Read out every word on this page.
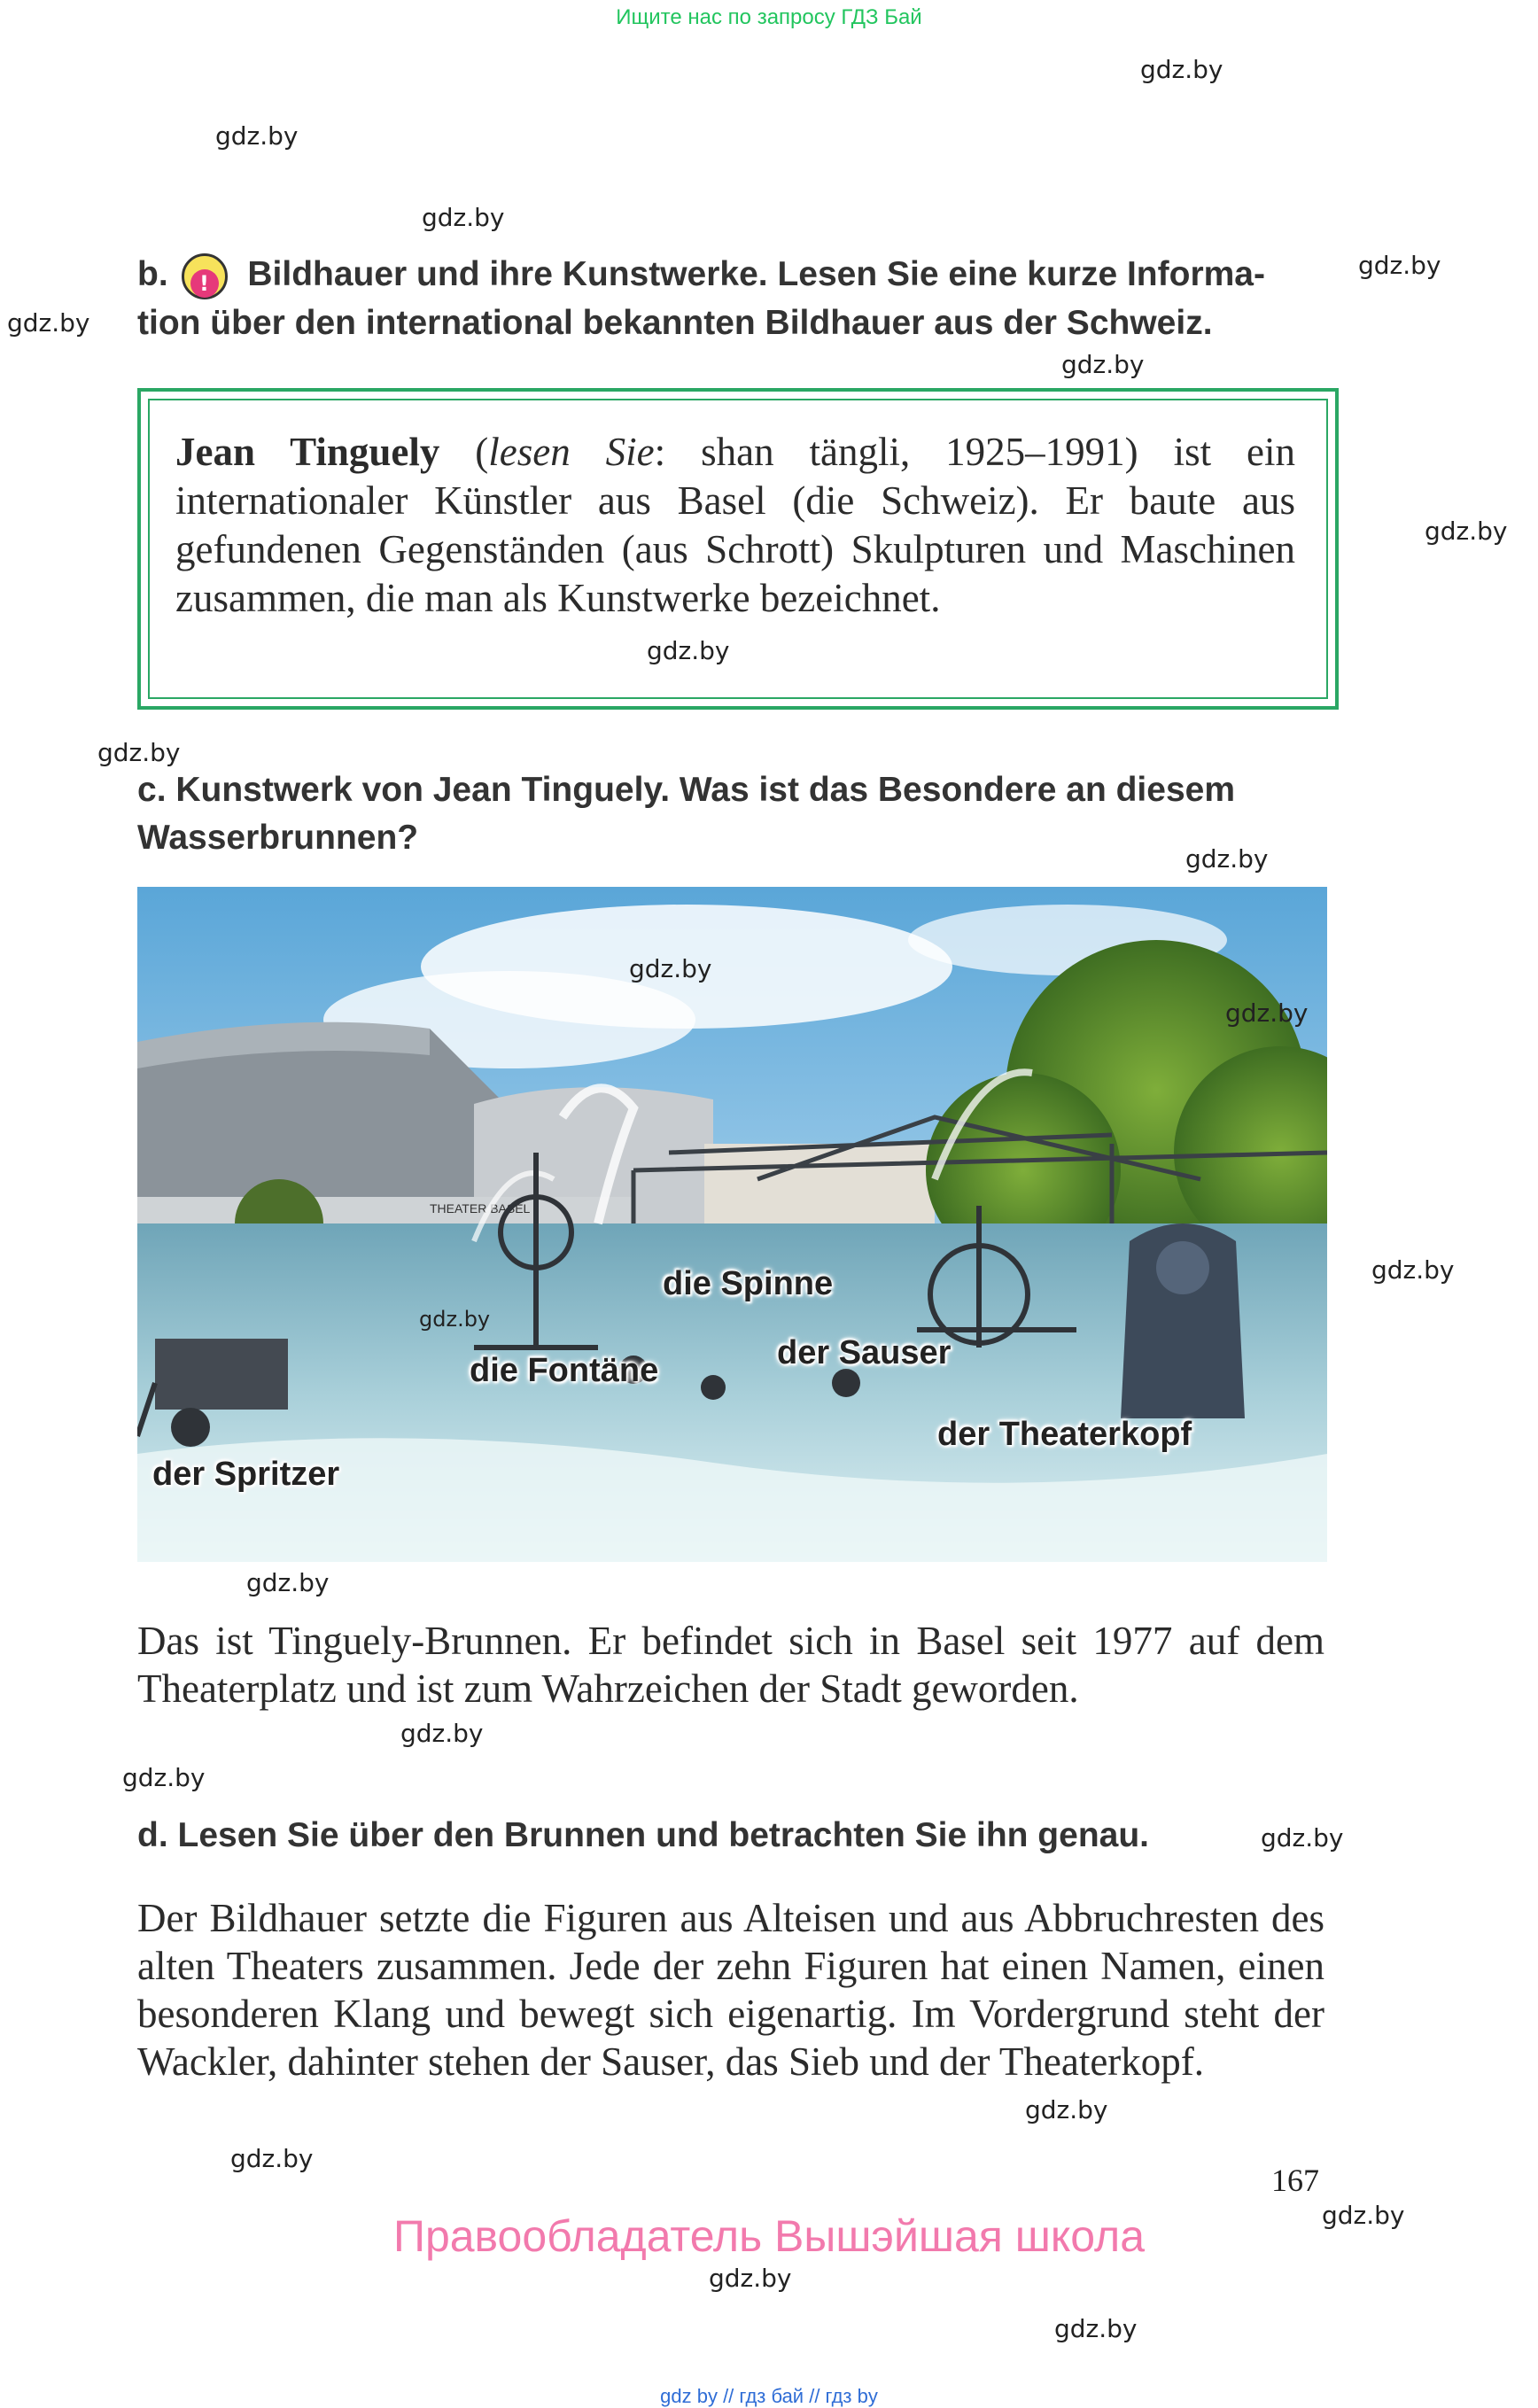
Ищите нас по запросу ГДЗ Бай
gdz.by
gdz.by
gdz.by
gdz.by
gdz.by
gdz.by
gdz.by
gdz.by
gdz.by
gdz.by
gdz.by
gdz.by
gdz.by
gdz.by
gdz.by
gdz.by
gdz.by
gdz.by
gdz.by
gdz.by
b. ! Bildhauer und ihre Kunstwerke. Lesen Sie eine kurze Informa-
tion über den international bekannten Bildhauer aus der Schweiz.
Jean Tinguely (lesen Sie: shan tängli, 1925–1991) ist ein internationaler Künstler aus Basel (die Schweiz). Er baute aus gefundenen Gegenständen (aus Schrott) Skulpturen und Maschinen zusammen, die man als Kunstwerke bezeichnet.
c. Kunstwerk von Jean Tinguely. Was ist das Besondere an diesem
Wasserbrunnen?
THEATER BASEL
die Spinne
die Fontäne	der Sauser
der Theaterkopf
der Spritzer
gdz.by
gdz.by
gdz.by
Das ist Tinguely-Brunnen. Er befindet sich in Basel seit 1977 auf dem Theaterplatz und ist zum Wahrzeichen der Stadt geworden.
d. Lesen Sie über den Brunnen und betrachten Sie ihn genau.
Der Bildhauer setzte die Figuren aus Alteisen und aus Abbruchresten des alten Theaters zusammen. Jede der zehn Figuren hat einen Namen, einen besonderen Klang und bewegt sich eigenartig. Im Vordergrund steht der Wackler, dahinter stehen der Sauser, das Sieb und der Theaterkopf.
167
Правообладатель Вышэйшая школа
gdz by // гдз бай // гдз by
